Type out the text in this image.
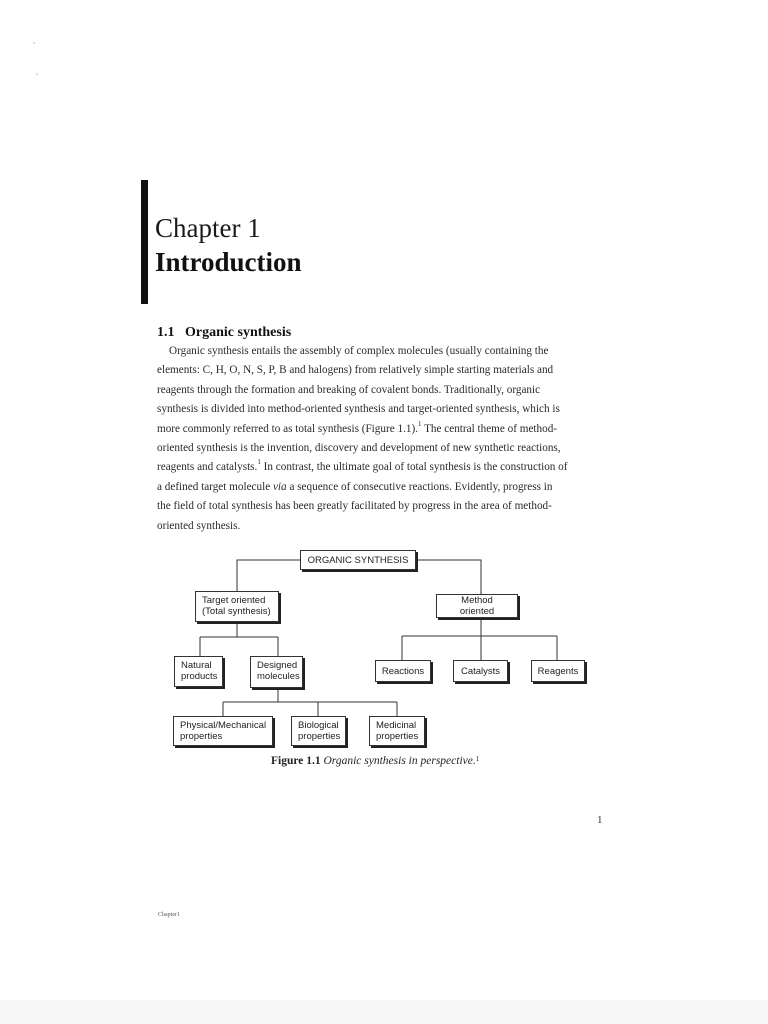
Chapter 1
Introduction
1.1 Organic synthesis
Organic synthesis entails the assembly of complex molecules (usually containing the
elements: C, H, O, N, S, P, B and halogens) from relatively simple starting materials and
reagents through the formation and breaking of covalent bonds. Traditionally, organic
synthesis is divided into method-oriented synthesis and target-oriented synthesis, which is
more commonly referred to as total synthesis (Figure 1.1). 1 The central theme of method-
oriented synthesis is the invention, discovery and development of new synthetic reactions,
reagents and catalysts. 1 In contrast, the ultimate goal of total synthesis is the construction of
a defined target molecule via a sequence of consecutive reactions. Evidently, progress in
the field of total synthesis has been greatly facilitated by progress in the area of method-
oriented synthesis.
ORGANIC SYNTHESIS
Target oriented
(Total synthesis)
Method oriented
Natural
products
Designed
molecules	Reactions	Catalysts	Reagents
Physical/Mechanical
properties
Biological
properties
Medicinal
properties
Figure 1.1 Organic synthesis in perspective.$^1$
1
Chapter1
